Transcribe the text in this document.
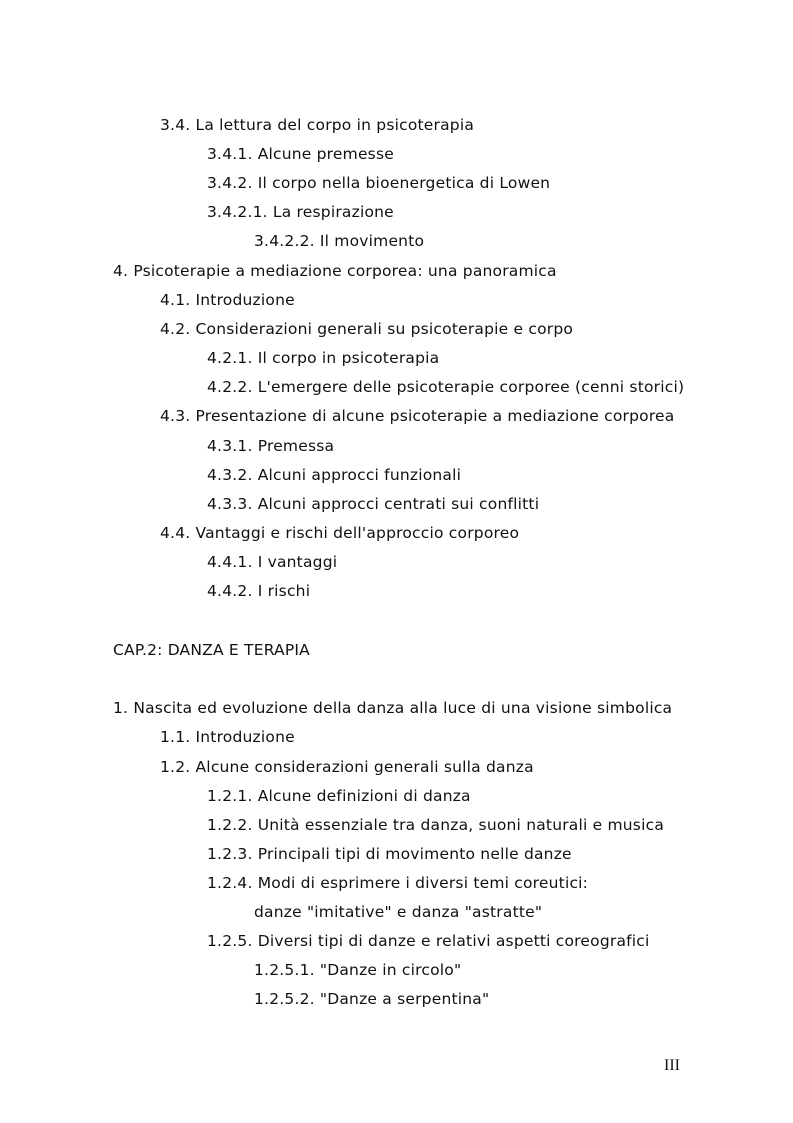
3.4. La lettura del corpo in psicoterapia
3.4.1. Alcune premesse
3.4.2. Il corpo nella bioenergetica di Lowen
3.4.2.1. La respirazione
3.4.2.2. Il movimento
4. Psicoterapie a mediazione corporea: una panoramica
4.1. Introduzione
4.2. Considerazioni generali su psicoterapie e corpo
4.2.1. Il corpo in psicoterapia
4.2.2. L'emergere delle psicoterapie corporee (cenni storici)
4.3. Presentazione di alcune psicoterapie a mediazione corporea
4.3.1. Premessa
4.3.2. Alcuni approcci funzionali
4.3.3. Alcuni approcci centrati sui conflitti
4.4. Vantaggi e rischi dell'approccio corporeo
4.4.1. I vantaggi
4.4.2. I rischi
CAP.2: DANZA E TERAPIA
1. Nascita ed evoluzione della danza alla luce di una visione simbolica
1.1. Introduzione
1.2. Alcune considerazioni generali sulla danza
1.2.1. Alcune definizioni di danza
1.2.2. Unità essenziale tra danza, suoni naturali e musica
1.2.3. Principali tipi di movimento nelle danze
1.2.4. Modi di esprimere i diversi temi coreutici:
danze "imitative" e danza "astratte"
1.2.5. Diversi tipi di danze e relativi aspetti coreografici
1.2.5.1. "Danze in circolo"
1.2.5.2. "Danze a serpentina"
III
